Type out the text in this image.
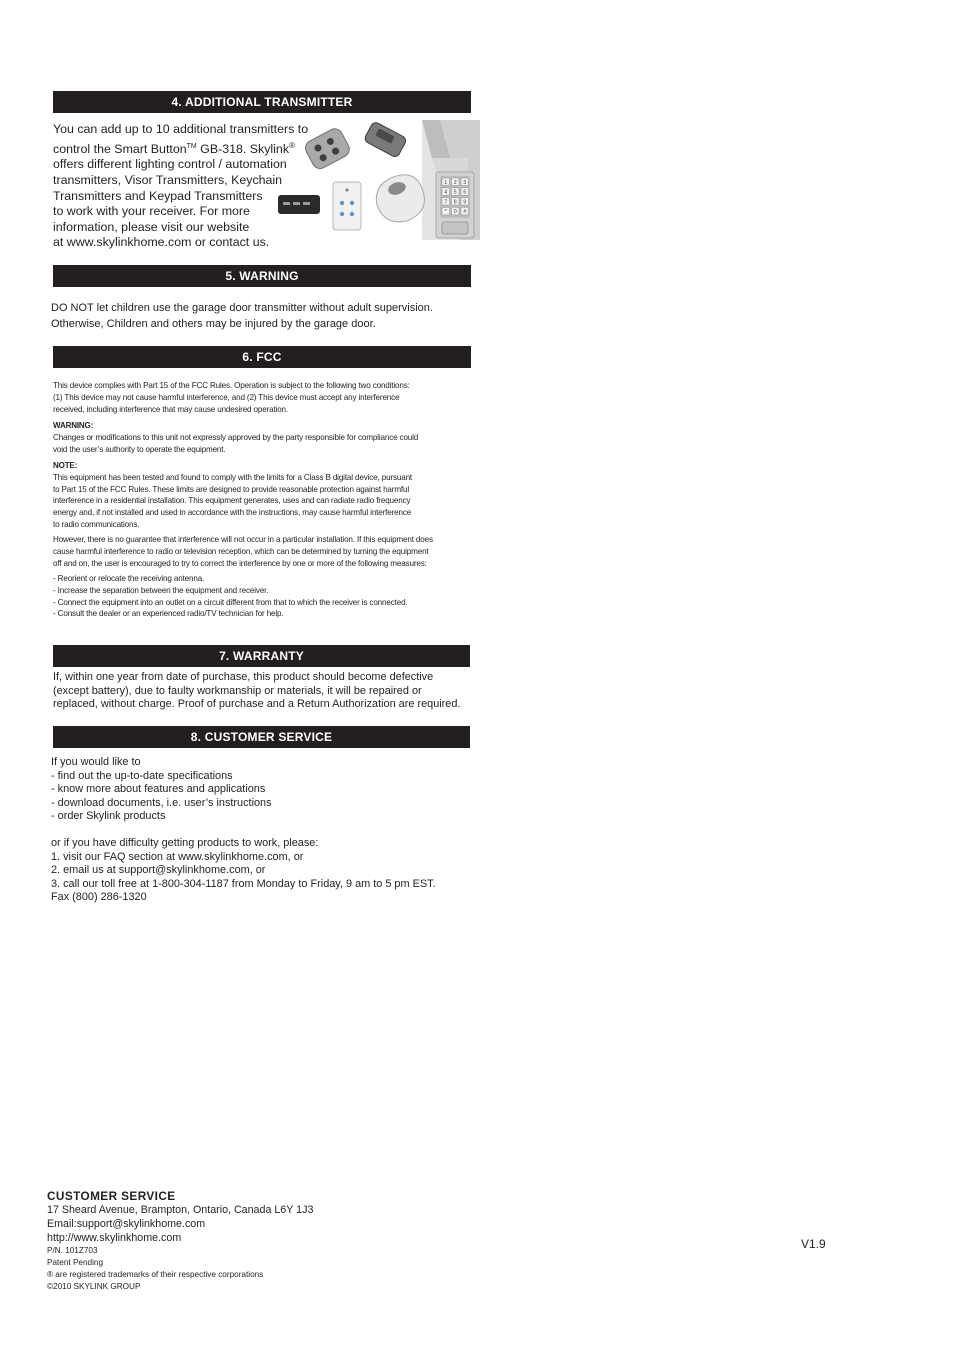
4. ADDITIONAL TRANSMITTER
You can add up to 10 additional transmitters to
control the Smart Button™ GB-318. Skylink®
offers different lighting control / automation
transmitters, Visor Transmitters, Keychain
Transmitters and Keypad Transmitters
to work with your receiver. For more
information, please visit our website
at www.skylinkhome.com or contact us.
1 2 3
4 5 6
7 8 9
* 0 #
5. WARNING
DO NOT let children use the garage door transmitter without adult supervision.
Otherwise, Children and others may be injured by the garage door.
6. FCC
This device complies with Part 15 of the FCC Rules. Operation is subject to the following two conditions:
(1) This device may not cause harmful interference, and (2) This device must accept any interference
received, including interference that may cause undesired operation.
WARNING:
Changes or modifications to this unit not expressly approved by the party responsible for compliance could
void the user’s authority to operate the equipment.
NOTE:
This equipment has been tested and found to comply with the limits for a Class B digital device, pursuant
to Part 15 of the FCC Rules. These limits are designed to provide reasonable protection against harmful
interference in a residential installation. This equipment generates, uses and can radiate radio frequency
energy and, if not installed and used in accordance with the instructions, may cause harmful interference
to radio communications.
However, there is no guarantee that interference will not occur in a particular installation. If this equipment does
cause harmful interference to radio or television reception, which can be determined by turning the equipment
off and on, the user is encouraged to try to correct the interference by one or more of the following measures:
- Reorient or relocate the receiving antenna.
- Increase the separation between the equipment and receiver.
- Connect the equipment into an outlet on a circuit different from that to which the receiver is connected.
- Consult the dealer or an experienced radio/TV technician for help.
7. WARRANTY
If, within one year from date of purchase, this product should become defective
(except battery), due to faulty workmanship or materials, it will be repaired or
replaced, without charge. Proof of purchase and a Return Authorization are required.
8. CUSTOMER SERVICE
If you would like to
- find out the up-to-date specifications
- know more about features and applications
- download documents, i.e. user’s instructions
- order Skylink products
or if you have difficulty getting products to work, please:
1. visit our FAQ section at www.skylinkhome.com, or
2. email us at support@skylinkhome.com, or
3. call our toll free at 1-800-304-1187 from Monday to Friday, 9 am to 5 pm EST.
Fax (800) 286-1320
CUSTOMER SERVICE
17 Sheard Avenue, Brampton, Ontario, Canada L6Y 1J3
Email:support@skylinkhome.com
http://www.skylinkhome.com
P/N. 101Z703
Patent Pending
® are registered trademarks of their respective corporations
©2010 SKYLINK GROUP
V1.9
